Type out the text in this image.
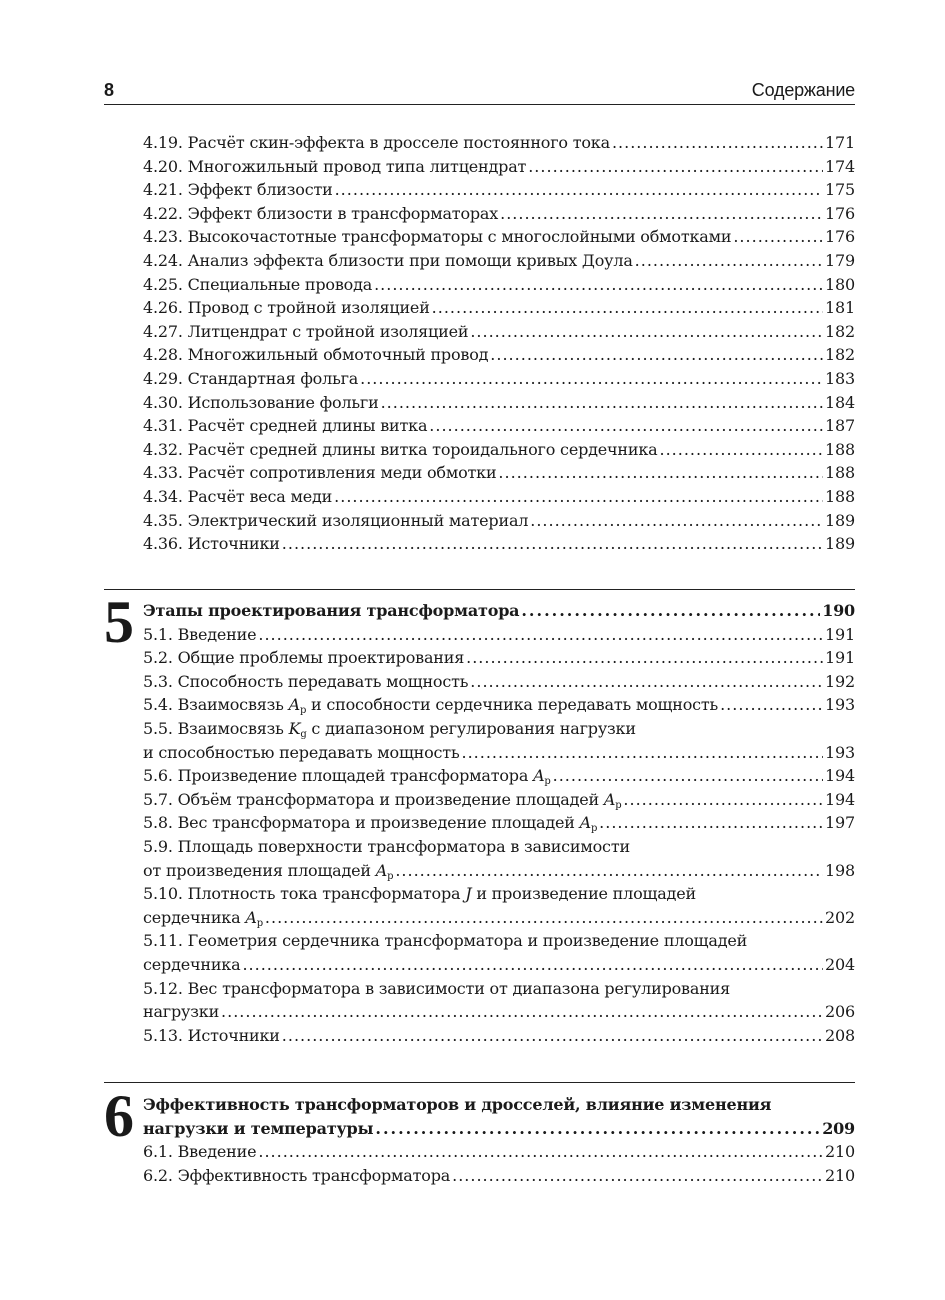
8	Содержание
4.19. Расчёт скин-эффекта в дросселе постоянного тока .....	171
4.20. Многожильный провод типа литцендрат .....	174
4.21. Эффект близости .....	175
4.22. Эффект близости в трансформаторах .....	176
4.23. Высокочастотные трансформаторы с многослойными обмотками .....	176
4.24. Анализ эффекта близости при помощи кривых Доула .....	179
4.25. Специальные провода .....	180
4.26. Провод с тройной изоляцией .....	181
4.27. Литцендрат с тройной изоляцией .....	182
4.28. Многожильный обмоточный провод .....	182
4.29. Стандартная фольга .....	183
4.30. Использование фольги .....	184
4.31. Расчёт средней длины витка .....	187
4.32. Расчёт средней длины витка тороидального сердечника .....	188
4.33. Расчёт сопротивления меди обмотки .....	188
4.34. Расчёт веса меди .....	188
4.35. Электрический изоляционный материал .....	189
4.36. Источники .....	189
5 Этапы проектирования трансформатора .....	190
5.1. Введение .....	191
5.2. Общие проблемы проектирования .....	191
5.3. Способность передавать мощность .....	192
5.4. Взаимосвязь $A_p$ и способности сердечника передавать мощность .....	193
5.5. Взаимосвязь $K_g$ с диапазоном регулирования нагрузки
и способностью передавать мощность .....	193
5.6. Произведение площадей трансформатора $A_p$ .....	194
5.7. Объём трансформатора и произведение площадей $A_p$ .....	194
5.8. Вес трансформатора и произведение площадей $A_p$ .....	197
5.9. Площадь поверхности трансформатора в зависимости
от произведения площадей $A_p$ .....	198
5.10. Плотность тока трансформатора J и произведение площадей
сердечника $A_p$ .....	202
5.11. Геометрия сердечника трансформатора и произведение площадей
сердечника .....	204
5.12. Вес трансформатора в зависимости от диапазона регулирования
нагрузки .....	206
5.13. Источники .....	208
6 Эффективность трансформаторов и дросселей, влияние изменения
нагрузки и температуры .....	209
6.1. Введение .....	210
6.2. Эффективность трансформатора .....	210
